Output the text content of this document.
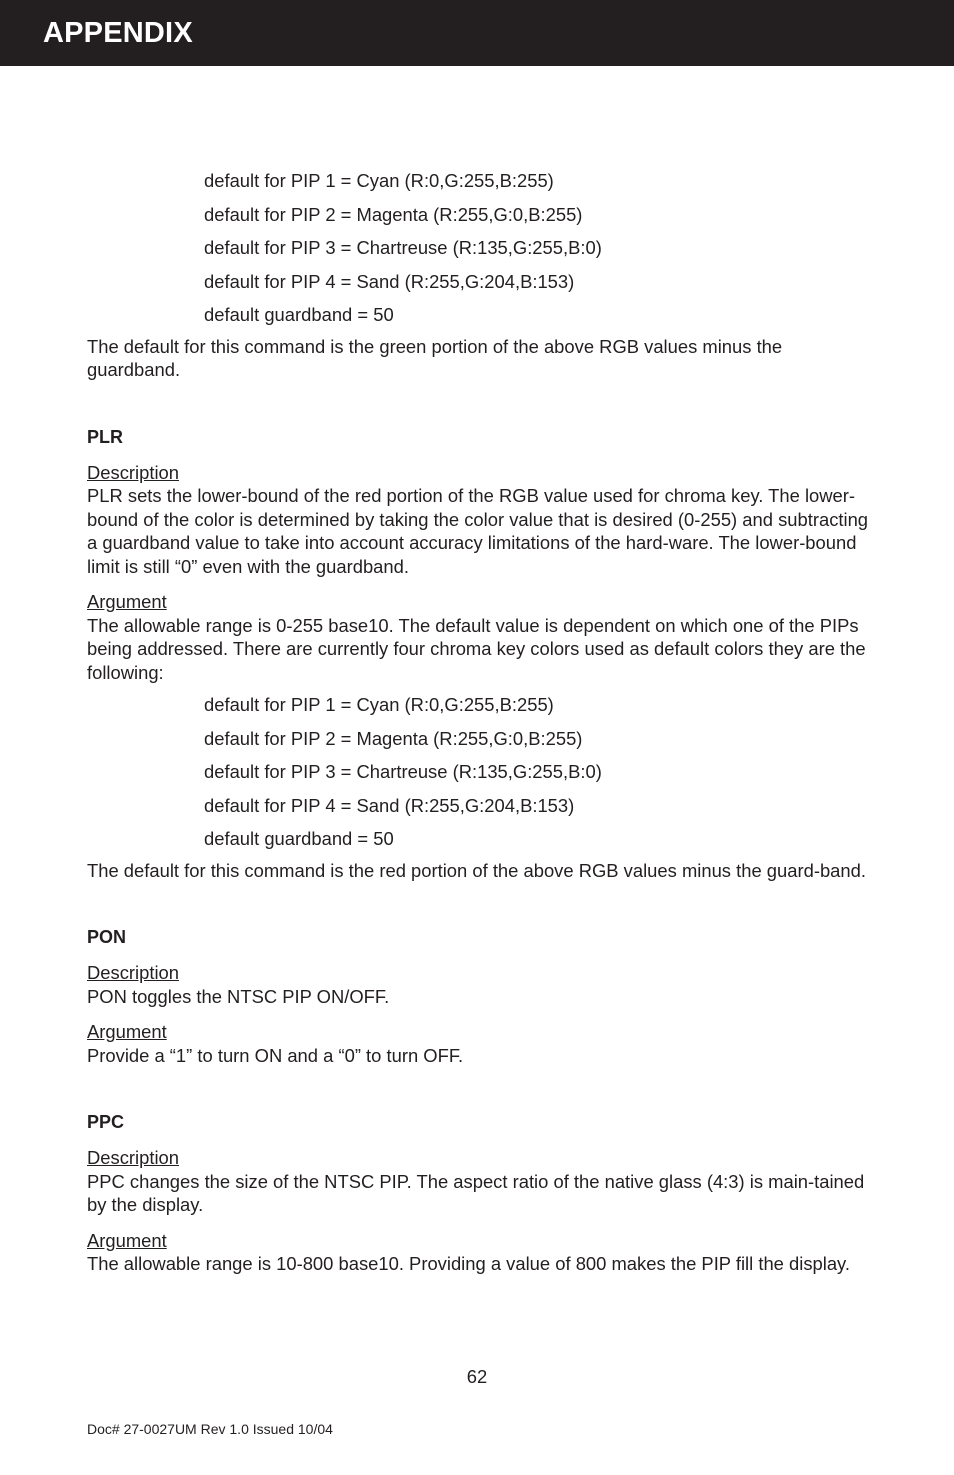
APPENDIX
default for PIP 1 = Cyan (R:0,G:255,B:255)
default for PIP 2 = Magenta (R:255,G:0,B:255)
default for PIP 3 = Chartreuse (R:135,G:255,B:0)
default for PIP 4 = Sand (R:255,G:204,B:153)
default guardband = 50

The default for this command is the green portion of the above RGB values minus the guardband.

PLR

Description

PLR sets the lower-bound of the red portion of the RGB value used for chroma key. The lower-bound of the color is determined by taking the color value that is desired (0-255) and subtracting a guardband value to take into account accuracy limitations of the hard-ware. The lower-bound limit is still “0” even with the guardband.

Argument

The allowable range is 0-255 base10. The default value is dependent on which one of the PIPs being addressed. There are currently four chroma key colors used as default colors they are the following:

default for PIP 1 = Cyan (R:0,G:255,B:255)
default for PIP 2 = Magenta (R:255,G:0,B:255)
default for PIP 3 = Chartreuse (R:135,G:255,B:0)
default for PIP 4 = Sand (R:255,G:204,B:153)
default guardband = 50

The default for this command is the red portion of the above RGB values minus the guard-band.

PON

Description

PON toggles the NTSC PIP ON/OFF.

Argument

Provide a “1” to turn ON and a “0” to turn OFF.

PPC

Description

PPC changes the size of the NTSC PIP. The aspect ratio of the native glass (4:3) is main-tained by the display.

Argument

The allowable range is 10-800 base10. Providing a value of 800 makes the PIP fill the display.

62
Doc# 27-0027UM Rev 1.0 Issued 10/04
